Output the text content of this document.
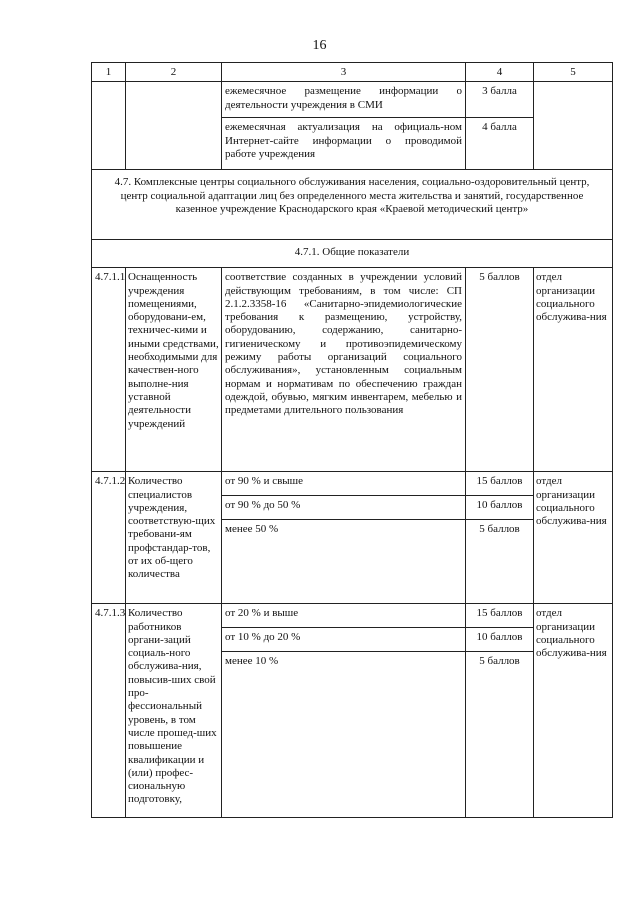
16
1	2	3	4	5
		ежемесячное размещение информации о деятельности учреждения в СМИ	3 балла	
		ежемесячная актуализация на официаль-ном Интернет-сайте информации о проводимой работе учреждения	4 балла	
4.7. Комплексные центры социального обслуживания населения, социально-оздоровительный центр, центр социальной адаптации лиц без определенного места жительства и занятий, государственное казенное учреждение Краснодарского края «Краевой методический центр»				
4.7.1. Общие показатели				
4.7.1.1	Оснащенность учреждения помещениями, оборудовани-ем, техничес-кими и иными средствами, необходимыми для качествен-ного выполне-ния уставной деятельности учреждений	соответствие созданных в учреждении условий действующим требованиям, в том числе: СП 2.1.2.3358-16 «Санитарно-эпидемиологические требования к размещению, устройству, оборудованию, содержанию, санитарно-гигиеническому и противоэпидемическому режиму работы организаций социального обслуживания», установленным социальным нормам и нормативам по обеспечению граждан одеждой, обувью, мягким инвентарем, мебелью и предметами длительного пользования	5 баллов	отдел организации социального обслужива-ния
4.7.1.2	Количество специалистов учреждения, соответствую-щих требовани-ям профстандар-тов, от их об-щего количества	от 90 % и свыше	15 баллов	отдел организации социального обслужива-ния
		от 90 % до 50 %	10 баллов	
		менее 50 %	5 баллов	
4.7.1.3	Количество работников органи-заций социаль-ного обслужива-ния, повысив-ших свой про-фессиональный уровень, в том числе прошед-ших повышение квалификации и (или) профес-сиональную подготовку,	от 20 % и выше	15 баллов	отдел организации социального обслужива-ния
		от 10 % до 20 %	10 баллов	
		менее 10 %	5 баллов	
